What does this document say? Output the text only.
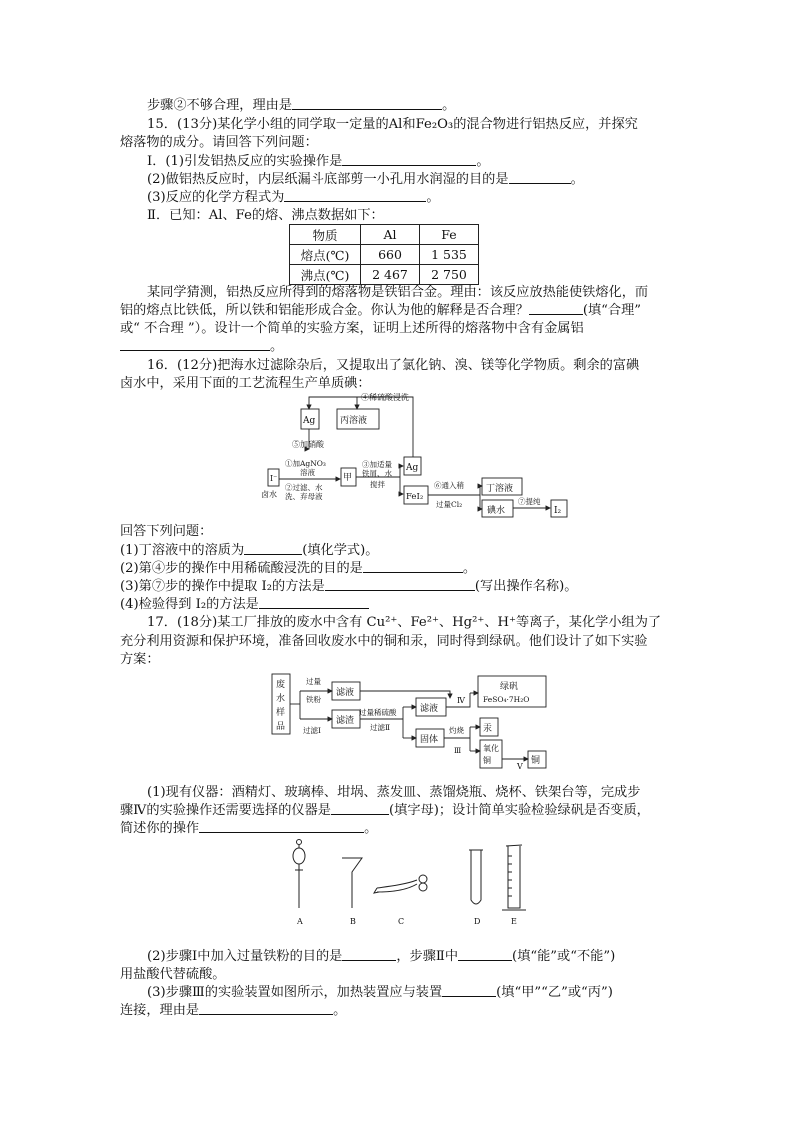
步骤②不够合理，理由是	。
15．(13分)某化学小组的同学取一定量的Al和Fe₂O₃的混合物进行铝热反应，并探究
熔落物的成分。请回答下列问题：
Ⅰ．(1)引发铝热反应的实验操作是	。
(2)做铝热反应时，内层纸漏斗底部剪一小孔用水润湿的目的是	。
(3)反应的化学方程式为	。
Ⅱ．已知：Al、Fe的熔、沸点数据如下：
物质	Al	Fe
熔点(℃)	660	1 535
沸点(℃)	2 467	2 750
某同学猜测，铝热反应所得到的熔落物是铁铝合金。理由：该反应放热能使铁熔化，而
铝的熔点比铁低，所以铁和铝能形成合金。你认为他的解释是否合理？	(填“合理”
或“ 不合理 ”）。设计一个简单的实验方案，证明上述所得的熔落物中含有金属铝
。
16．(12分)把海水过滤除杂后，又提取出了氯化钠、溴、镁等化学物质。剩余的富碘
卤水中，采用下面的工艺流程生产单质碘：
④稀硫酸浸洗
Ag	丙溶液
⑤加硝酸
I⁻
卤水
①加AgNO₃
溶液
②过滤、水
洗、弃母液
甲
③加适量
铁屑、水
搅拌
Ag
FeI₂
⑥通入稍
过量Cl₂
丁溶液
碘水
⑦提纯
I₂
回答下列问题：
(1)丁溶液中的溶质为	(填化学式)。
(2)第④步的操作中用稀硫酸浸洗的目的是	。
(3)第⑦步的操作中提取 I₂的方法是	(写出操作名称)。
(4)检验得到 I₂的方法是
17．(18分)某工厂排放的废水中含有 Cu²⁺、Fe²⁺、Hg²⁺、H⁺等离子，某化学小组为了
充分利用资源和保护环境，准备回收废水中的铜和汞，同时得到绿矾。他们设计了如下实验
方案：
废
水
样
品
过量
铁粉
过滤Ⅰ
滤液
滤渣
过量稀硫酸
过滤Ⅱ
滤液
Ⅳ
绿矾
FeSO₄·7H₂O
固体
灼烧
Ⅲ
汞
氧化
铜
Ⅴ
铜
(1)现有仪器：酒精灯、玻璃棒、坩埚、蒸发皿、蒸馏烧瓶、烧杯、铁架台等，完成步
骤Ⅳ的实验操作还需要选择的仪器是	(填字母)；设计简单实验检验绿矾是否变质，
简述你的操作	。
A	B	C	D	E
(2)步骤Ⅰ中加入过量铁粉的目的是	，步骤Ⅱ中	(填“能”或“不能”)
用盐酸代替硫酸。
(3)步骤Ⅲ的实验装置如图所示，加热装置应与装置	(填“甲”“乙”或“丙”)
连接，理由是	。
